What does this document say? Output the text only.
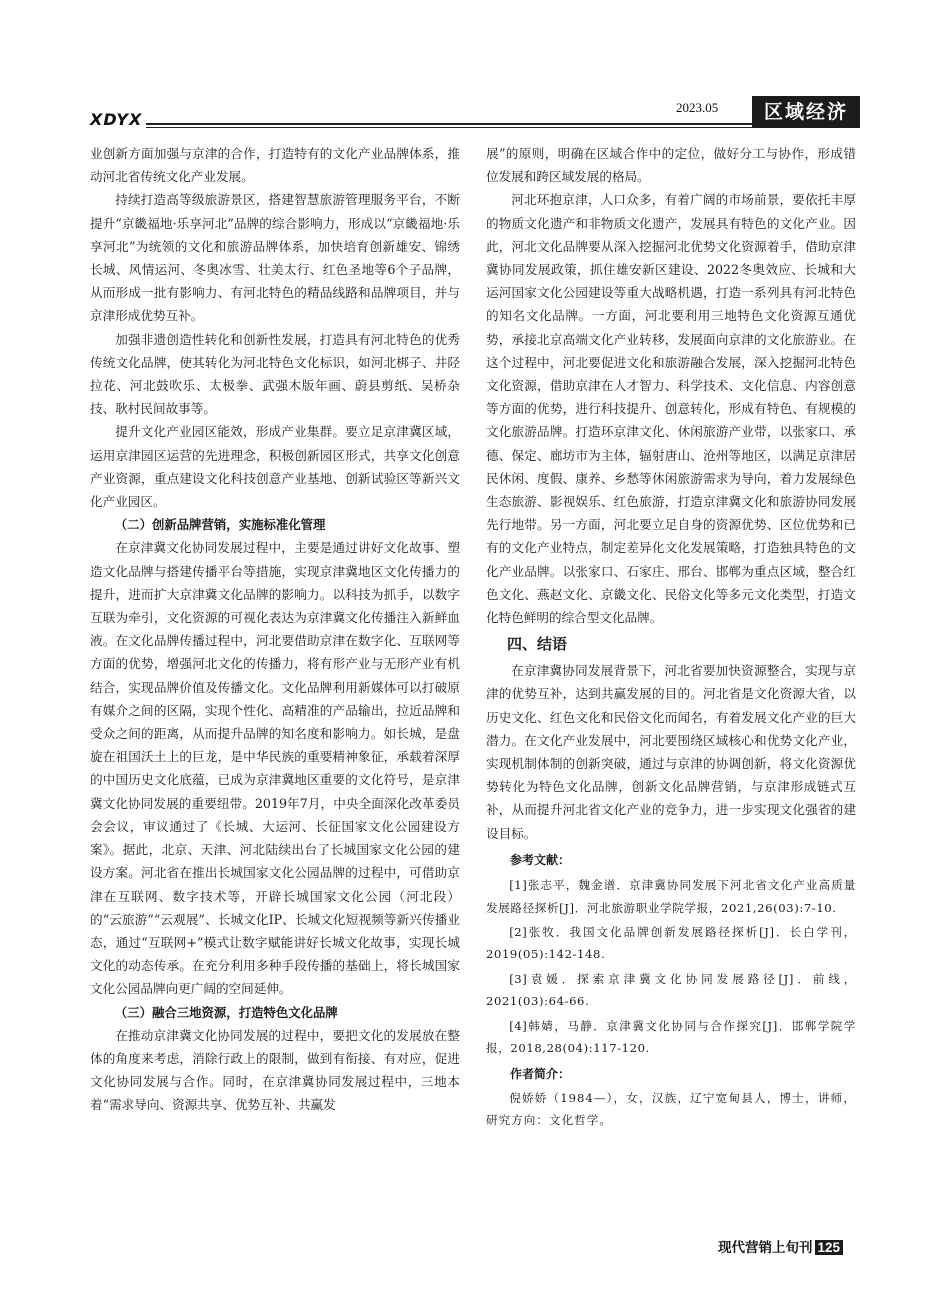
XDYX
2023.05	区域经济

业创新方面加强与京津的合作，打造特有的文化产业品牌体系，推动河北省传统文化产业发展。

持续打造高等级旅游景区，搭建智慧旅游管理服务平台，不断提升“京畿福地·乐享河北”品牌的综合影响力，形成以“京畿福地·乐享河北”为统领的文化和旅游品牌体系，加快培育创新雄安、锦绣长城、风情运河、冬奥冰雪、壮美太行、红色圣地等6个子品牌，从而形成一批有影响力、有河北特色的精品线路和品牌项目，并与京津形成优势互补。

加强非遗创造性转化和创新性发展，打造具有河北特色的优秀传统文化品牌，使其转化为河北特色文化标识，如河北梆子、井陉拉花、河北鼓吹乐、太极拳、武强木版年画、蔚县剪纸、吴桥杂技、耿村民间故事等。

提升文化产业园区能效，形成产业集群。要立足京津冀区域，运用京津园区运营的先进理念，积极创新园区形式，共享文化创意产业资源，重点建设文化科技创意产业基地、创新试验区等新兴文化产业园区。

（二）创新品牌营销，实施标准化管理

在京津冀文化协同发展过程中，主要是通过讲好文化故事、塑造文化品牌与搭建传播平台等措施，实现京津冀地区文化传播力的提升，进而扩大京津冀文化品牌的影响力。以科技为抓手，以数字互联为牵引，文化资源的可视化表达为京津冀文化传播注入新鲜血液。在文化品牌传播过程中，河北要借助京津在数字化、互联网等方面的优势，增强河北文化的传播力，将有形产业与无形产业有机结合，实现品牌价值及传播文化。文化品牌利用新媒体可以打破原有媒介之间的区隔，实现个性化、高精准的产品输出，拉近品牌和受众之间的距离，从而提升品牌的知名度和影响力。如长城，是盘旋在祖国沃土上的巨龙，是中华民族的重要精神象征，承载着深厚的中国历史文化底蕴，已成为京津冀地区重要的文化符号，是京津冀文化协同发展的重要纽带。2019年7月，中央全面深化改革委员会会议，审议通过了《长城、大运河、长征国家文化公园建设方案》。据此，北京、天津、河北陆续出台了长城国家文化公园的建设方案。河北省在推出长城国家文化公园品牌的过程中，可借助京津在互联网、数字技术等，开辟长城国家文化公园（河北段）的“云旅游”“云观展”、长城文化IP、长城文化短视频等新兴传播业态，通过“互联网+”模式让数字赋能讲好长城文化故事，实现长城文化的动态传承。在充分利用多种手段传播的基础上，将长城国家文化公园品牌向更广阔的空间延伸。

（三）融合三地资源，打造特色文化品牌

在推动京津冀文化协同发展的过程中，要把文化的发展放在整体的角度来考虑，消除行政上的限制，做到有衔接、有对应，促进文化协同发展与合作。同时，在京津冀协同发展过程中，三地本着“需求导向、资源共享、优势互补、共赢发

展”的原则，明确在区域合作中的定位，做好分工与协作，形成错位发展和跨区域发展的格局。

河北环抱京津，人口众多，有着广阔的市场前景，要依托丰厚的物质文化遗产和非物质文化遗产，发展具有特色的文化产业。因此，河北文化品牌要从深入挖掘河北优势文化资源着手，借助京津冀协同发展政策，抓住雄安新区建设、2022冬奥效应、长城和大运河国家文化公园建设等重大战略机遇，打造一系列具有河北特色的知名文化品牌。一方面，河北要利用三地特色文化资源互通优势，承接北京高端文化产业转移，发展面向京津的文化旅游业。在这个过程中，河北要促进文化和旅游融合发展，深入挖掘河北特色文化资源，借助京津在人才智力、科学技术、文化信息、内容创意等方面的优势，进行科技提升、创意转化，形成有特色、有规模的文化旅游品牌。打造环京津文化、休闲旅游产业带，以张家口、承德、保定、廊坊市为主体，辐射唐山、沧州等地区，以满足京津居民休闲、度假、康养、乡愁等休闲旅游需求为导向，着力发展绿色生态旅游、影视娱乐、红色旅游，打造京津冀文化和旅游协同发展先行地带。另一方面，河北要立足自身的资源优势、区位优势和已有的文化产业特点，制定差异化文化发展策略，打造独具特色的文化产业品牌。以张家口、石家庄、邢台、邯郸为重点区域，整合红色文化、燕赵文化、京畿文化、民俗文化等多元文化类型，打造文化特色鲜明的综合型文化品牌。

四、结语

在京津冀协同发展背景下，河北省要加快资源整合，实现与京津的优势互补，达到共赢发展的目的。河北省是文化资源大省，以历史文化、红色文化和民俗文化而闻名，有着发展文化产业的巨大潜力。在文化产业发展中，河北要围绕区域核心和优势文化产业，实现机制体制的创新突破，通过与京津的协调创新，将文化资源优势转化为特色文化品牌，创新文化品牌营销，与京津形成链式互补，从而提升河北省文化产业的竞争力，进一步实现文化强省的建设目标。

参考文献：

[1]张志平，魏金谱．京津冀协同发展下河北省文化产业高质量发展路径探析[J]．河北旅游职业学院学报，2021,26(03):7-10.

[2]张牧．我国文化品牌创新发展路径探析[J]．长白学刊，2019(05):142-148.

[3]袁媛．探索京津冀文化协同发展路径[J]．前线，2021(03):64-66.

[4]韩婧，马静．京津冀文化协同与合作探究[J]．邯郸学院学报，2018,28(04):117-120.

作者简介：

倪娇娇（1984—），女，汉族，辽宁宽甸县人，博士，讲师，研究方向：文化哲学。

现代营销上旬刊 125
